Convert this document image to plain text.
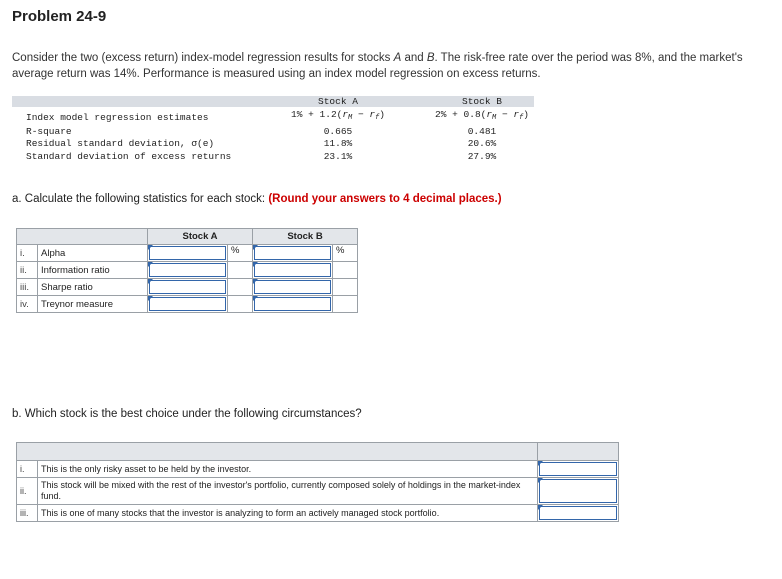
Problem 24-9
Consider the two (excess return) index-model regression results for stocks A and B. The risk-free rate over the period was 8%, and the market's average return was 14%. Performance is measured using an index model regression on excess returns.
Stock A	Stock B
Index model regression estimates	$1\% + 1.2(r_M - r_f)$	$2\% + 0.8(r_M - r_f)$
R-square	0.665	0.481
Residual standard deviation, σ(e)	11.8%	20.6%
Standard deviation of excess returns	23.1%	27.9%
a. Calculate the following statistics for each stock: (Round your answers to 4 decimal places.)
		Stock A		Stock B	
i.	Alpha		%		%
ii.	Information ratio	

iii.	Sharpe ratio	

iv.	Treynor measure	

b. Which stock is the best choice under the following circumstances?

i.	This is the only risky asset to be held by the investor.	

ii.	This stock will be mixed with the rest of the investor's portfolio, currently composed solely of holdings in the market-index fund.	

iii.	This is one of many stocks that the investor is analyzing to form an actively managed stock portfolio.	
